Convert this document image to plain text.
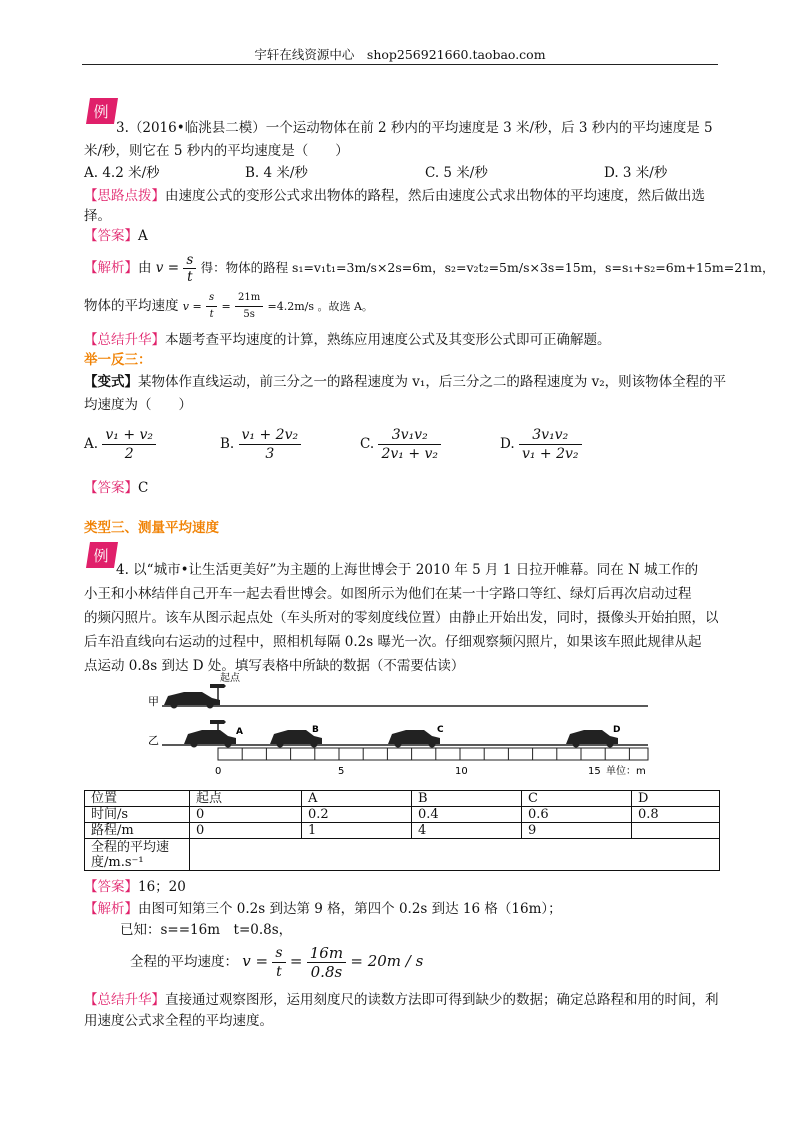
宇轩在线资源中心　shop256921660.taobao.com
例
3.（2016•临洮县二模）一个运动物体在前 2 秒内的平均速度是 3 米/秒，后 3 秒内的平均速度是 5
米/秒，则它在 5 秒内的平均速度是（　　）
A. 4.2 米/秒	B. 4 米/秒	C. 5 米/秒	D. 3 米/秒
【思路点拨】由速度公式的变形公式求出物体的路程，然后由速度公式求出物体的平均速度，然后做出选
择。
【答案】A
【解析】由 $v = \frac{s}{t}$ 得：物体的路程 s₁=v₁t₁=3m/s×2s=6m，s₂=v₂t₂=5m/s×3s=15m，s=s₁+s₂=6m+15m=21m，
物体的平均速度 $v = \frac{s}{t} = \frac{21m}{5s} =4.2m/s$ 。故选 A。
【总结升华】本题考查平均速度的计算，熟练应用速度公式及其变形公式即可正确解题。
举一反三：
【变式】某物体作直线运动，前三分之一的路程速度为 v₁，后三分之二的路程速度为 v₂，则该物体全程的平
均速度为（　　）
A. $\frac{\text{v₁ + v₂}}{2}$	B. $\frac{\text{v₁ + 2v₂}}{3}$	C. $\frac{\text{3v₁v₂}}{\text{2v₁ + v₂}}$	D. $\frac{\text{3v₁v₂}}{\text{v₁ + 2v₂}}$
【答案】C
类型三、测量平均速度
例
4. 以“城市•让生活更美好”为主题的上海世博会于 2010 年 5 月 1 日拉开帷幕。同在 N 城工作的
小王和小林结伴自己开车一起去看世博会。如图所示为他们在某一十字路口等红、绿灯后再次启动过程
的频闪照片。该车从图示起点处（车头所对的零刻度线位置）由静止开始出发，同时，摄像头开始拍照，以
后车沿直线向右运动的过程中，照相机每隔 0.2s 曝光一次。仔细观察频闪照片，如果该车照此规律从起
点运动 0.8s 到达 D 处。填写表格中所缺的数据（不需要估读）
甲
起点
乙
A	B	C	D
0	5	10	15 单位：m
位置	起点	A	B	C	D
时间/s	0	0.2	0.4	0.6	0.8
路程/m	0	1	4	9	

全程的平均速
度/m.s⁻¹					

【答案】16；20
【解析】由图可知第三个 0.2s 到达第 9 格，第四个 0.2s 到达 16 格（16m）；
已知：s==16m　t=0.8s，
全程的平均速度： $v = \frac{s}{t} = \frac{16m}{0.8s} = 20m / s$
【总结升华】直接通过观察图形，运用刻度尺的读数方法即可得到缺少的数据；确定总路程和用的时间，利
用速度公式求全程的平均速度。
